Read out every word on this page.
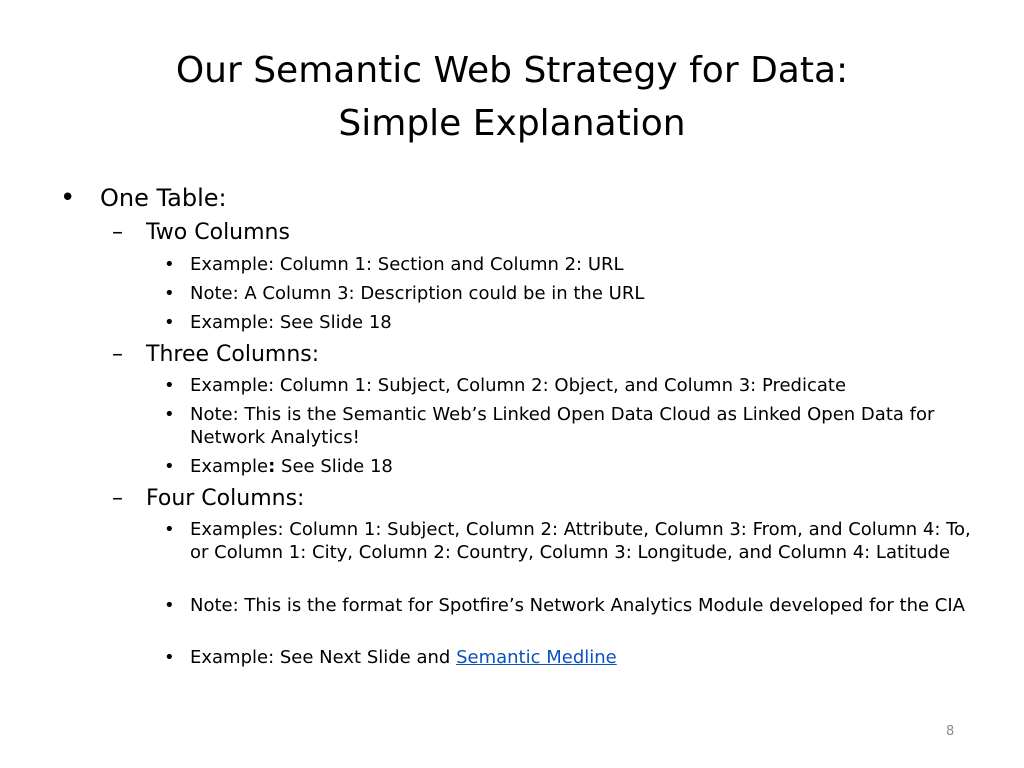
Our Semantic Web Strategy for Data:
Simple Explanation
• One Table:
– Two Columns
• Example: Column 1: Section and Column 2: URL
• Note: A Column 3: Description could be in the URL
• Example: See Slide 18
– Three Columns:
• Example: Column 1: Subject, Column 2: Object, and Column 3: Predicate
• Note: This is the Semantic Web’s Linked Open Data Cloud as Linked Open Data for Network Analytics!
• Example: See Slide 18
– Four Columns:
• Examples: Column 1: Subject, Column 2: Attribute, Column 3: From, and Column 4: To, or Column 1: City, Column 2: Country, Column 3: Longitude, and Column 4: Latitude
• Note: This is the format for Spotfire’s Network Analytics Module developed for the CIA
• Example: See Next Slide and Semantic Medline
8
